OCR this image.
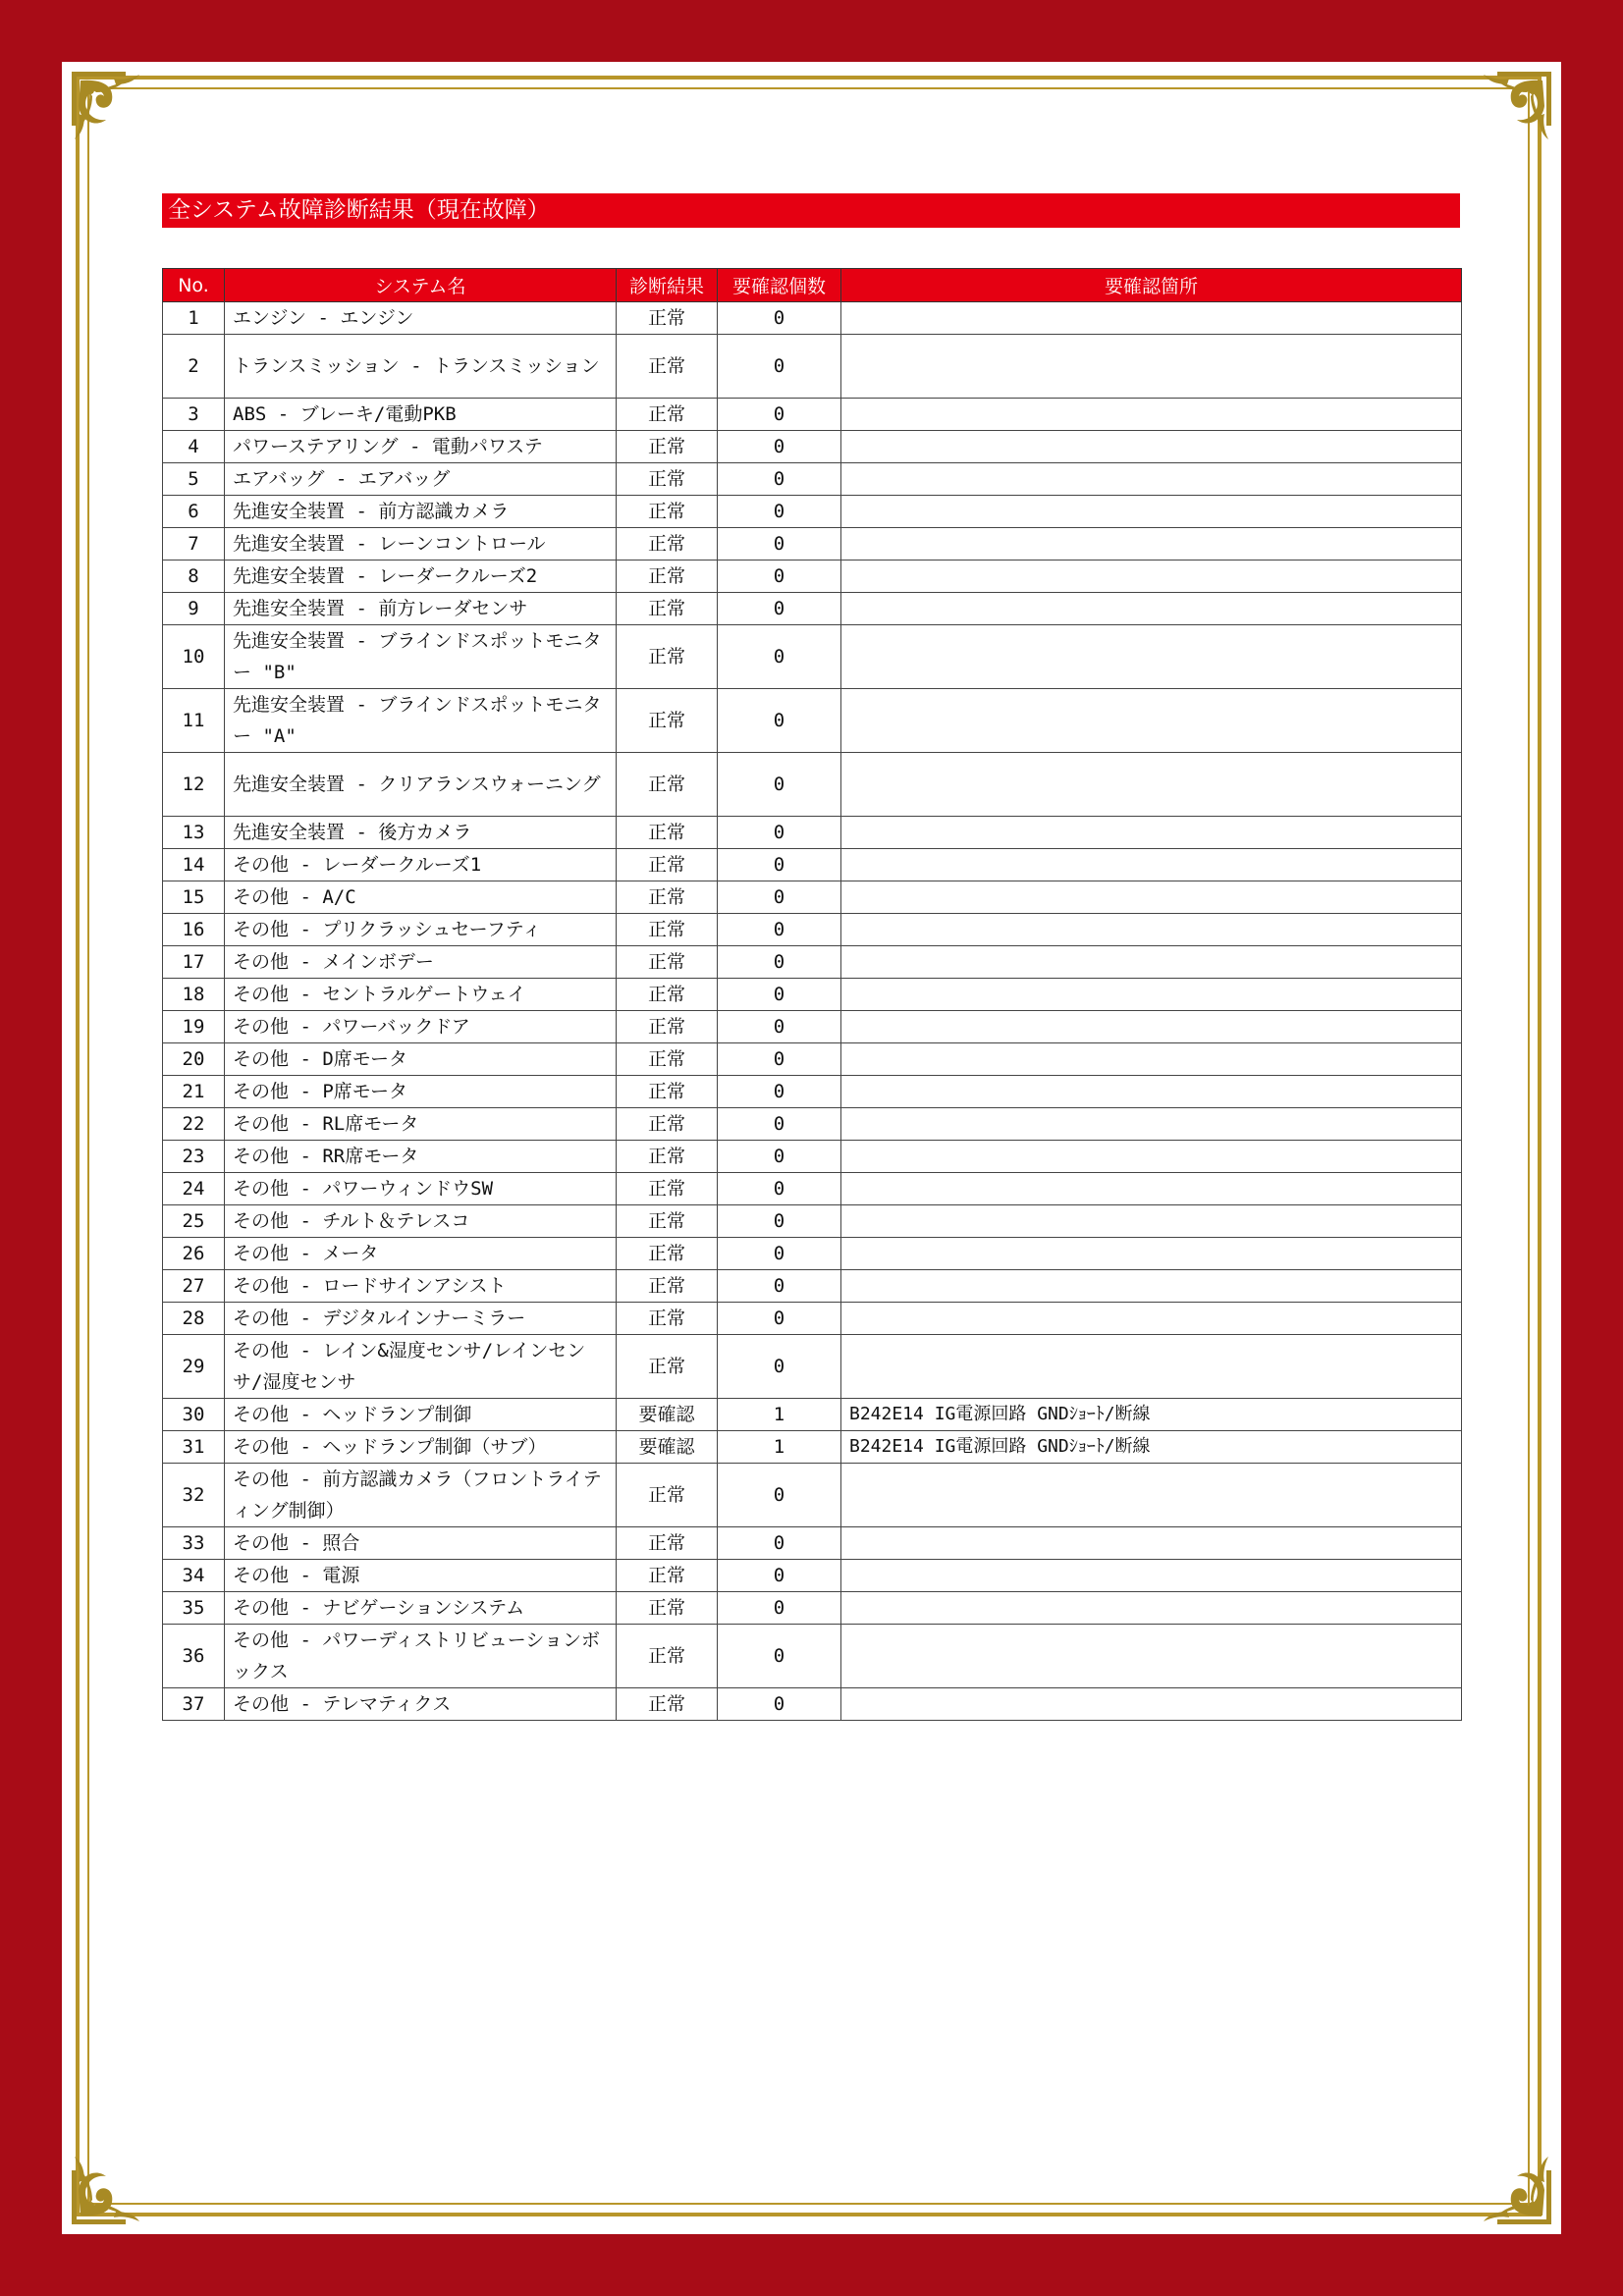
全システム故障診断結果（現在故障）
No.	システム名	診断結果	要確認個数	要確認箇所
1	エンジン - エンジン	正常	0	
2	トランスミッション - トランスミッション	正常	0	
3	ABS - ブレーキ/電動PKB	正常	0	
4	パワーステアリング - 電動パワステ	正常	0	
5	エアバッグ - エアバッグ	正常	0	
6	先進安全装置 - 前方認識カメラ	正常	0	
7	先進安全装置 - レーンコントロール	正常	0	
8	先進安全装置 - レーダークルーズ2	正常	0	
9	先進安全装置 - 前方レーダセンサ	正常	0	
10	先進安全装置 - ブラインドスポットモニター "B"	正常	0	
11	先進安全装置 - ブラインドスポットモニター "A"	正常	0	
12	先進安全装置 - クリアランスウォーニング	正常	0	
13	先進安全装置 - 後方カメラ	正常	0	
14	その他 - レーダークルーズ1	正常	0	
15	その他 - A/C	正常	0	
16	その他 - プリクラッシュセーフティ	正常	0	
17	その他 - メインボデー	正常	0	
18	その他 - セントラルゲートウェイ	正常	0	
19	その他 - パワーバックドア	正常	0	
20	その他 - D席モータ	正常	0	
21	その他 - P席モータ	正常	0	
22	その他 - RL席モータ	正常	0	
23	その他 - RR席モータ	正常	0	
24	その他 - パワーウィンドウSW	正常	0	
25	その他 - チルト＆テレスコ	正常	0	
26	その他 - メータ	正常	0	
27	その他 - ロードサインアシスト	正常	0	
28	その他 - デジタルインナーミラー	正常	0	
29	その他 - レイン&湿度センサ/レインセンサ/湿度センサ	正常	0	
30	その他 - ヘッドランプ制御	要確認	1	B242E14 IG電源回路 GNDｼｮｰﾄ/断線
31	その他 - ヘッドランプ制御（サブ）	要確認	1	B242E14 IG電源回路 GNDｼｮｰﾄ/断線
32	その他 - 前方認識カメラ（フロントライティング制御）	正常	0	
33	その他 - 照合	正常	0	
34	その他 - 電源	正常	0	
35	その他 - ナビゲーションシステム	正常	0	
36	その他 - パワーディストリビューションボックス	正常	0	
37	その他 - テレマティクス	正常	0	
